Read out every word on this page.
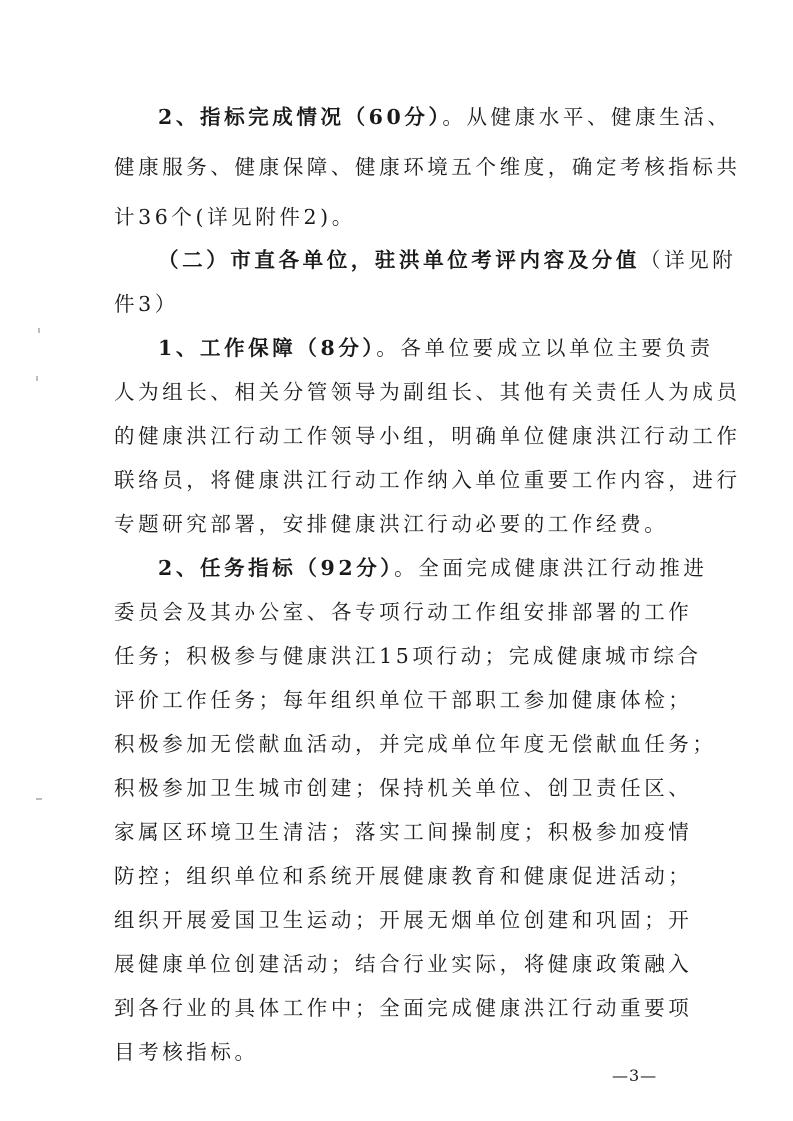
2、指标完成情况（60分）。从健康水平、健康生活、
健康服务、健康保障、健康环境五个维度，确定考核指标共
计36个(详见附件2)。
（二）市直各单位，驻洪单位考评内容及分值（详见附
件3）
1、工作保障（8分）。各单位要成立以单位主要负责
人为组长、相关分管领导为副组长、其他有关责任人为成员
的健康洪江行动工作领导小组，明确单位健康洪江行动工作
联络员，将健康洪江行动工作纳入单位重要工作内容，进行
专题研究部署，安排健康洪江行动必要的工作经费。
2、任务指标（92分）。全面完成健康洪江行动推进
委员会及其办公室、各专项行动工作组安排部署的工作
任务；积极参与健康洪江15项行动；完成健康城市综合
评价工作任务；每年组织单位干部职工参加健康体检；
积极参加无偿献血活动，并完成单位年度无偿献血任务；
积极参加卫生城市创建；保持机关单位、创卫责任区、
家属区环境卫生清洁；落实工间操制度；积极参加疫情
防控；组织单位和系统开展健康教育和健康促进活动；
组织开展爱国卫生运动；开展无烟单位创建和巩固；开
展健康单位创建活动；结合行业实际，将健康政策融入
到各行业的具体工作中；全面完成健康洪江行动重要项
目考核指标。
—3—
